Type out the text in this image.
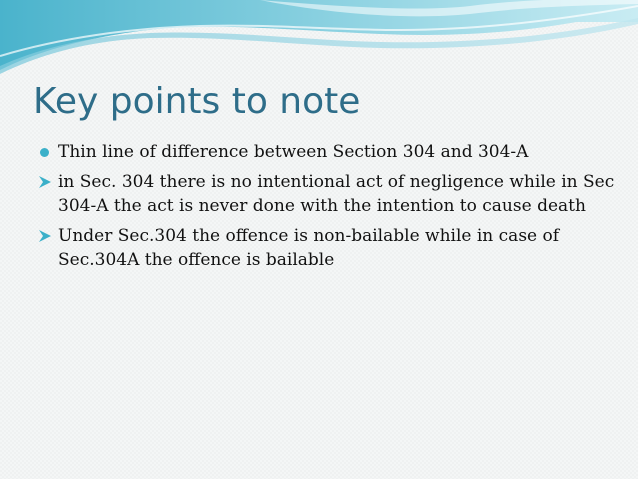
Key points to note
Thin line of difference between Section 304 and 304-A
in Sec. 304 there is no intentional act of negligence while in Sec 304-A the act is never done with the intention to cause death
Under Sec.304 the offence is non-bailable while in case of Sec.304A the offence is bailable
